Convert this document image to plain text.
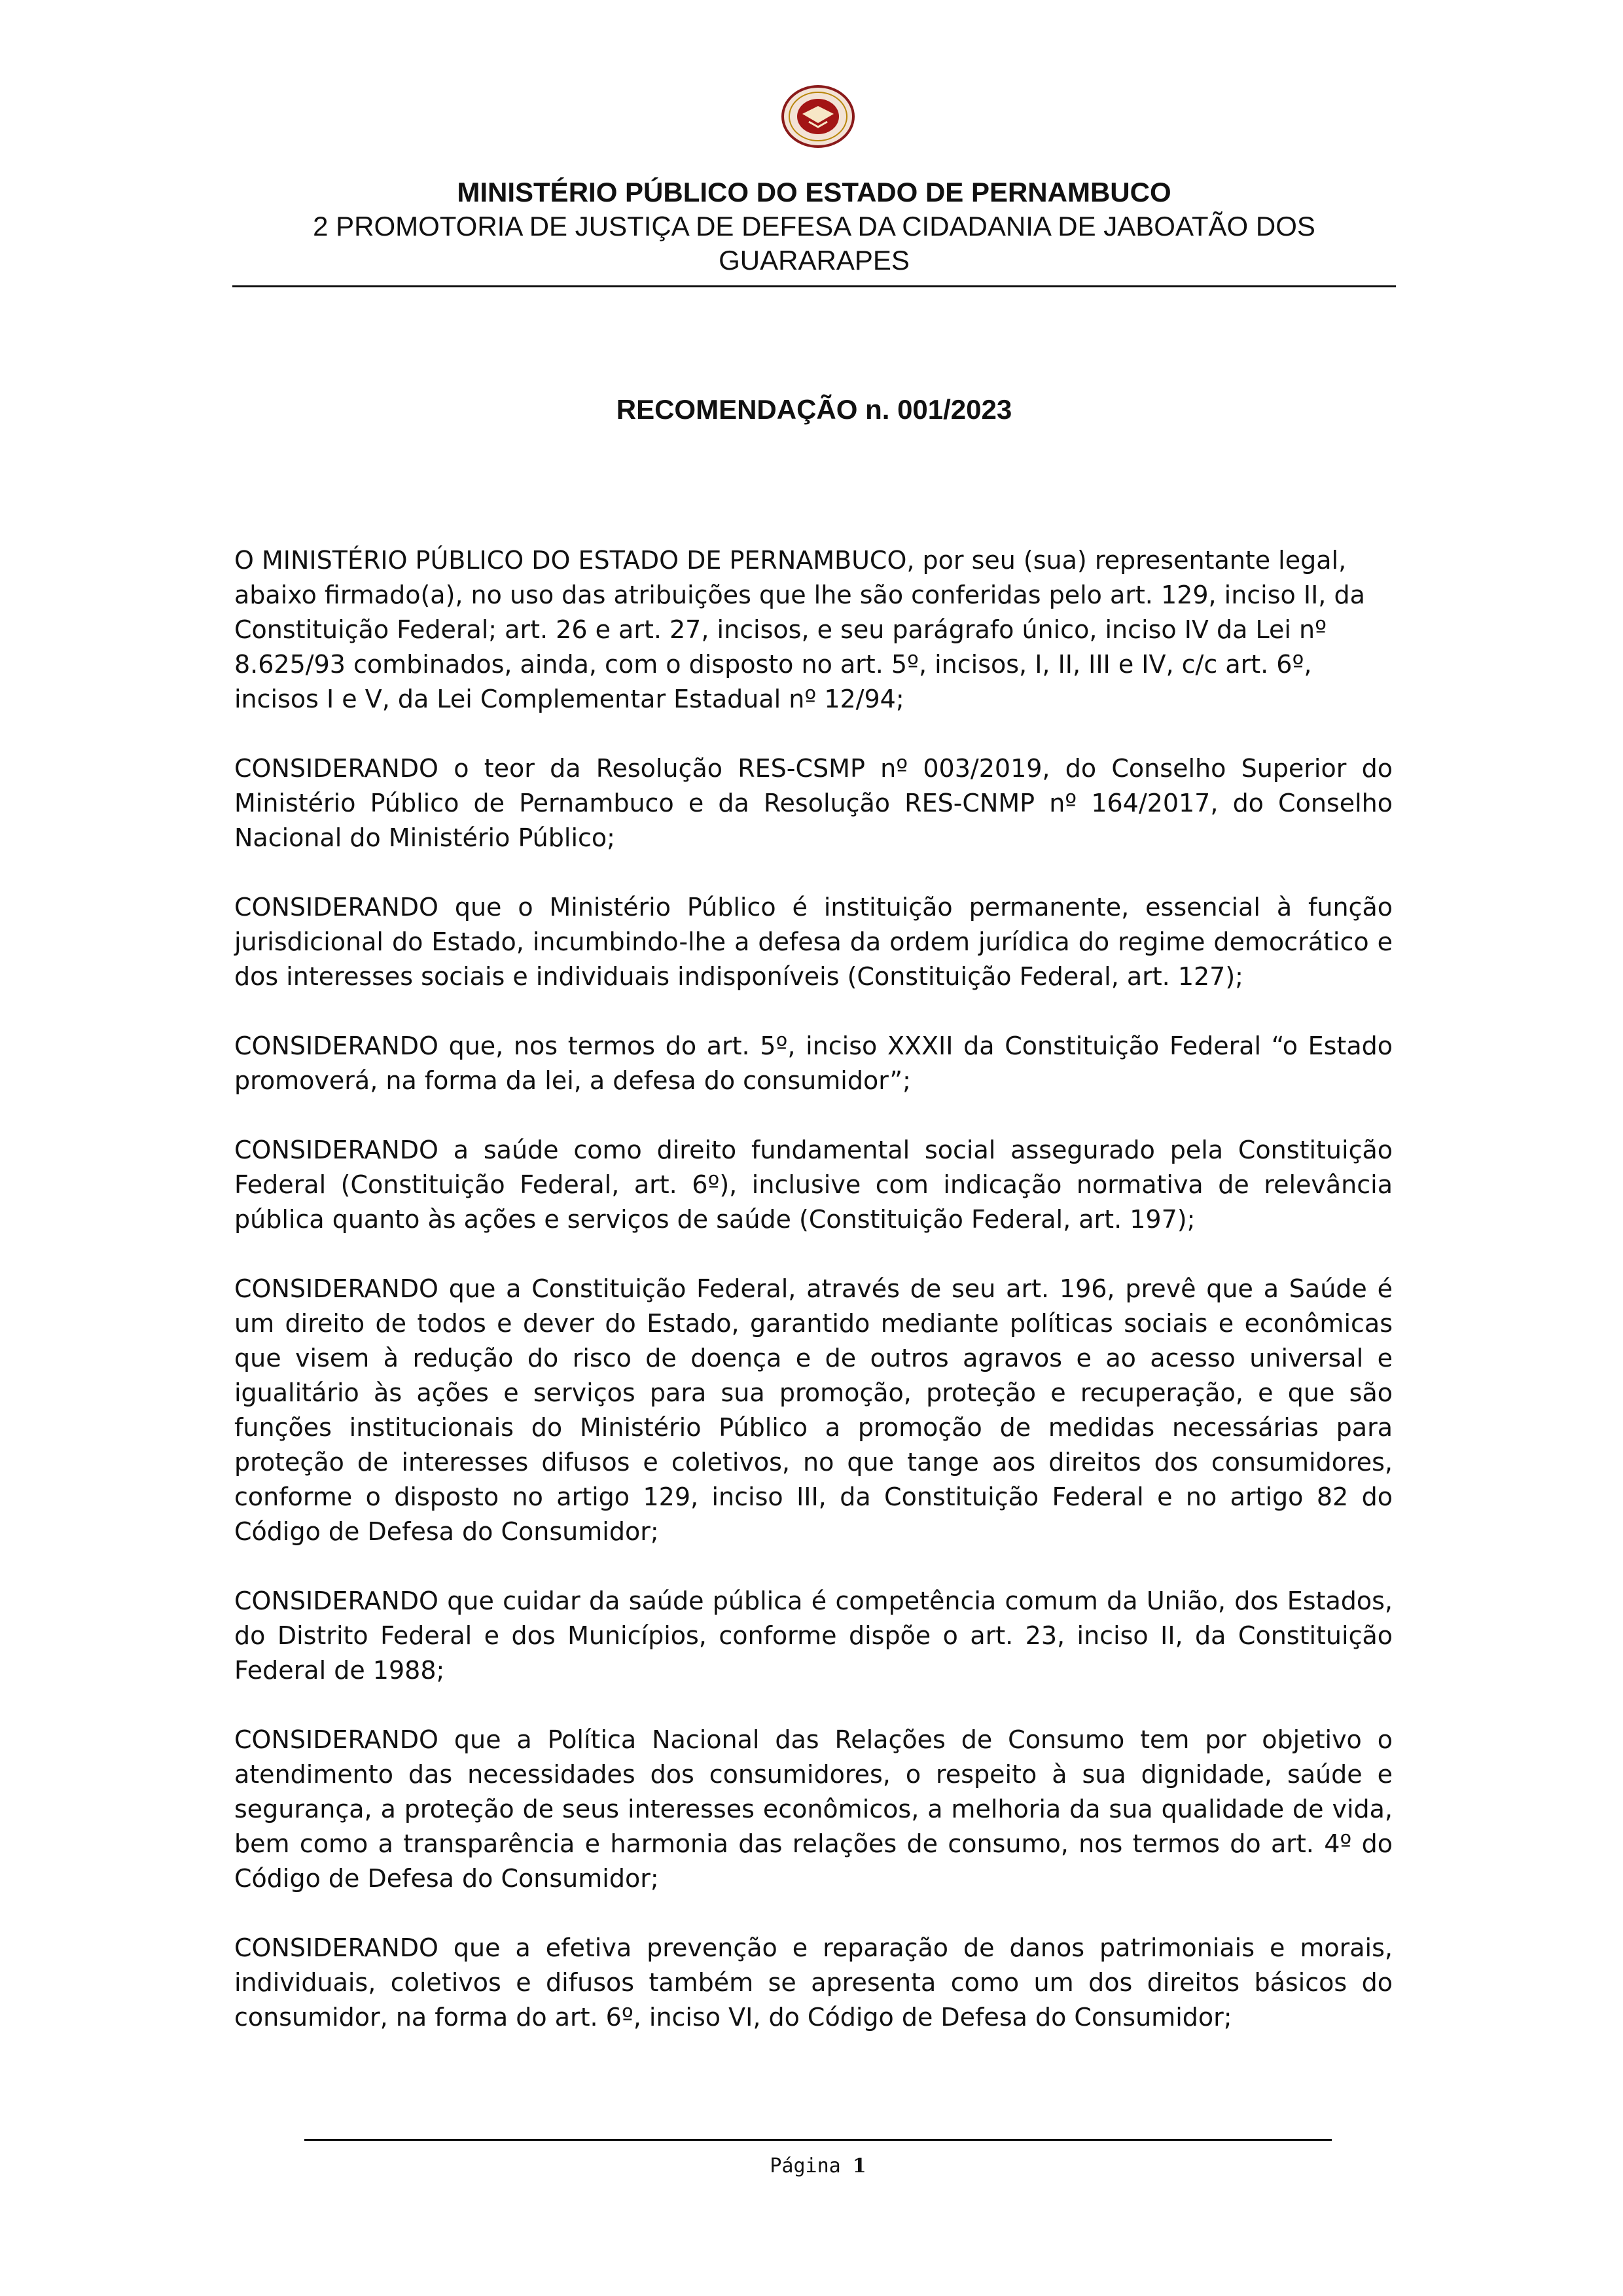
MINISTÉRIO PÚBLICO DO ESTADO DE PERNAMBUCO
2 PROMOTORIA DE JUSTIÇA DE DEFESA DA CIDADANIA DE JABOATÃO DOS
GUARARAPES
RECOMENDAÇÃO n. 001/2023

O MINISTÉRIO PÚBLICO DO ESTADO DE PERNAMBUCO, por seu (sua) representante legal, abaixo firmado(a), no uso das atribuições que lhe são conferidas pelo art. 129, inciso II, da Constituição Federal; art. 26 e art. 27, incisos, e seu parágrafo único, inciso IV da Lei nº 8.625/93 combinados, ainda, com o disposto no art. 5º, incisos, I, II, III e IV, c/c art. 6º, incisos I e V, da Lei Complementar Estadual nº 12/94;

CONSIDERANDO o teor da Resolução RES-CSMP nº 003/2019, do Conselho Superior do Ministério Público de Pernambuco e da Resolução RES-CNMP nº 164/2017, do Conselho Nacional do Ministério Público;

CONSIDERANDO que o Ministério Público é instituição permanente, essencial à função jurisdicional do Estado, incumbindo-lhe a defesa da ordem jurídica do regime democrático e dos interesses sociais e individuais indisponíveis (Constituição Federal, art. 127);

CONSIDERANDO que, nos termos do art. 5º, inciso XXXII da Constituição Federal “o Estado promoverá, na forma da lei, a defesa do consumidor”;

CONSIDERANDO a saúde como direito fundamental social assegurado pela Constituição Federal (Constituição Federal, art. 6º), inclusive com indicação normativa de relevância pública quanto às ações e serviços de saúde (Constituição Federal, art. 197);

CONSIDERANDO que a Constituição Federal, através de seu art. 196, prevê que a Saúde é um direito de todos e dever do Estado, garantido mediante políticas sociais e econômicas que visem à redução do risco de doença e de outros agravos e ao acesso universal e igualitário às ações e serviços para sua promoção, proteção e recuperação, e que são funções institucionais do Ministério Público a promoção de medidas necessárias para proteção de interesses difusos e coletivos, no que tange aos direitos dos consumidores, conforme o disposto no artigo 129, inciso III, da Constituição Federal e no artigo 82 do Código de Defesa do Consumidor;

CONSIDERANDO que cuidar da saúde pública é competência comum da União, dos Estados, do Distrito Federal e dos Municípios, conforme dispõe o art. 23, inciso II, da Constituição Federal de 1988;

CONSIDERANDO que a Política Nacional das Relações de Consumo tem por objetivo o atendimento das necessidades dos consumidores, o respeito à sua dignidade, saúde e segurança, a proteção de seus interesses econômicos, a melhoria da sua qualidade de vida, bem como a transparência e harmonia das relações de consumo, nos termos do art. 4º do Código de Defesa do Consumidor;

CONSIDERANDO que a efetiva prevenção e reparação de danos patrimoniais e morais, individuais, coletivos e difusos também se apresenta como um dos direitos básicos do consumidor, na forma do art. 6º, inciso VI, do Código de Defesa do Consumidor;

Página 1
